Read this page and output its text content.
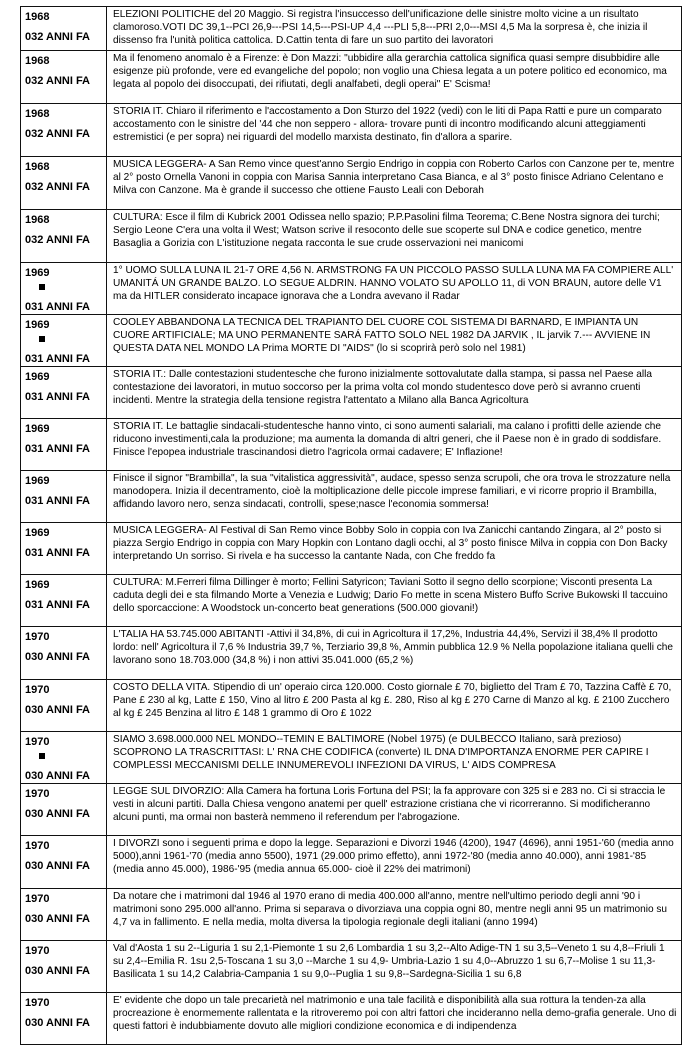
1968
032 ANNI FA	ELEZIONI POLITICHE del 20 Maggio. Si registra l'insuccesso dell'unificazione delle sinistre molto vicine a un risultato clamoroso.VOTI DC 39,1--PCI 26,9---PSI 14,5---PSI-UP 4,4 ---PLI 5,8---PRI 2,0---MSI 4,5 Ma la sorpresa è, che inizia il dissenso fra l'unità politica cattolica. D.Cattin tenta di fare un suo partito dei lavoratori

1968
032 ANNI FA	Ma il fenomeno anomalo è a Firenze: è Don Mazzi: "ubbidire alla gerarchia cattolica significa quasi sempre disubbidire alle esigenze più profonde, vere ed evangeliche del popolo; non voglio una Chiesa legata a un potere politico ed economico, ma legata al popolo dei disoccupati, dei rifiutati, degli analfabeti, degli operai" E' Scisma!

1968
032 ANNI FA	STORIA IT. Chiaro il riferimento e l'accostamento a Don Sturzo del 1922 (vedi) con le liti di Papa Ratti e pure un comparato accostamento con le sinistre del '44 che non seppero - allora- trovare punti di incontro modificando alcuni atteggiamenti estremistici (e per sopra) nei riguardi del modello marxista destinato, fin d'allora a sparire.

1968
032 ANNI FA	MUSICA LEGGERA- A San Remo vince quest'anno Sergio Endrigo in coppia con Roberto Carlos con Canzone per te, mentre al 2° posto Ornella Vanoni in coppia con Marisa Sannia interpretano Casa Bianca, e al 3° posto finisce Adriano Celentano e Milva con Canzone. Ma è grande il successo che ottiene Fausto Leali con Deborah

1968
032 ANNI FA	CULTURA: Esce il film di Kubrick 2001 Odissea nello spazio; P.P.Pasolini filma Teorema; C.Bene Nostra signora dei turchi; Sergio Leone C'era una volta il West; Watson scrive il resoconto delle sue scoperte sul DNA e codice genetico, mentre Basaglia a Gorizia con L'istituzione negata racconta le sue crude osservazioni nei manicomi

1969
031 ANNI FA	1° UOMO SULLA LUNA IL 21-7 ORE 4,56 N. ARMSTRONG FA UN PICCOLO PASSO SULLA LUNA MA FA COMPIERE ALL' UMANITÁ UN GRANDE BALZO. LO SEGUE ALDRIN. HANNO VOLATO SU APOLLO 11, di VON BRAUN, autore delle V1 ma da HITLER considerato incapace ignorava che a Londra avevano il Radar

1969
031 ANNI FA	COOLEY ABBANDONA LA TECNICA DEL TRAPIANTO DEL CUORE COL SISTEMA DI BARNARD, E IMPIANTA UN CUORE ARTIFICIALE; MA UNO PERMANENTE SARÁ FATTO SOLO NEL 1982 DA JARVIK , IL jarvik 7.--- AVVIENE IN QUESTA DATA NEL MONDO LA Prima MORTE DI "AIDS" (lo si scoprirà però solo nel 1981)

1969
031 ANNI FA	STORIA IT.: Dalle contestazioni studentesche che furono inizialmente sottovalutate dalla stampa, si passa nel Paese alla contestazione dei lavoratori, in mutuo soccorso per la prima volta col mondo studentesco dove però si avranno cruenti incidenti. Mentre la strategia della tensione registra l'attentato a Milano alla Banca Agricoltura

1969
031 ANNI FA	STORIA IT. Le battaglie sindacali-studentesche hanno vinto, ci sono aumenti salariali, ma calano i profitti delle aziende che riducono investimenti,cala la produzione; ma aumenta la domanda di altri generi, che il Paese non è in grado di soddisfare. Finisce l'epopea industriale trascinandosi dietro l'agricola ormai cadavere; E' Inflazione!

1969
031 ANNI FA	Finisce il signor "Brambilla", la sua "vitalistica aggressività", audace, spesso senza scrupoli, che ora trova le strozzature nella manodopera. Inizia il decentramento, cioè la moltiplicazione delle piccole imprese familiari, e vi ricorre proprio il Brambilla, affidando lavoro nero, senza sindacati, controlli, spese;nasce l'economia sommersa!

1969
031 ANNI FA	MUSICA LEGGERA- Al Festival di San Remo vince Bobby Solo in coppia con Iva Zanicchi cantando Zingara, al 2° posto si piazza Sergio Endrigo in coppia con Mary Hopkin con Lontano dagli occhi, al 3° posto finisce Milva in coppia con Don Backy interpretando Un sorriso. Si rivela e ha successo la cantante Nada, con Che freddo fa

1969
031 ANNI FA	CULTURA: M.Ferreri filma Dillinger è morto; Fellini Satyricon; Taviani Sotto il segno dello scorpione; Visconti presenta La caduta degli dei e sta filmando Morte a Venezia e Ludwig; Dario Fo mette in scena Mistero Buffo Scrive Bukowski Il taccuino dello sporcaccione: A Woodstock un-concerto beat generations (500.000 giovani!)

1970
030 ANNI FA	L'TALIA HA 53.745.000 ABITANTI -Attivi il 34,8%, di cui in Agricoltura il 17,2%, Industria 44,4%, Servizi il 38,4% Il prodotto lordo: nell' Agricoltura il 7,6 % Industria 39,7 %, Terziario 39,8 %, Ammin pubblica 12.9 % Nella popolazione italiana quelli che lavorano sono 18.703.000 (34,8 %) i non attivi 35.041.000 (65,2 %)

1970
030 ANNI FA	COSTO DELLA VITA. Stipendio di un' operaio circa 120.000. Costo giornale £ 70, biglietto del Tram £ 70, Tazzina Caffè £ 70, Pane £ 230 al kg, Latte £ 150, Vino al litro £ 200 Pasta al kg £. 280, Riso al kg £ 270 Carne di Manzo al kg. £ 2100 Zucchero al kg £ 245 Benzina al litro £ 148 1 grammo di Oro £ 1022

1970
030 ANNI FA	SIAMO 3.698.000.000 NEL MONDO--TEMIN E BALTIMORE (Nobel 1975) (e DULBECCO Italiano, sarà prezioso) SCOPRONO LA TRASCRITTASI: L' RNA CHE CODIFICA (converte) IL DNA D'IMPORTANZA ENORME PER CAPIRE I COMPLESSI MECCANISMI DELLE INNUMEREVOLI INFEZIONI DA VIRUS, L' AIDS COMPRESA

1970
030 ANNI FA	LEGGE SUL DIVORZIO: Alla Camera ha fortuna Loris Fortuna del PSI; la fa approvare con 325 si e 283 no. Ci si straccia le vesti in alcuni partiti. Dalla Chiesa vengono anatemi per quell' estrazione cristiana che vi ricorreranno. Si modificheranno alcuni punti, ma ormai non basterà nemmeno il referendum per l'abrogazione.

1970
030 ANNI FA	I DIVORZI sono i seguenti prima e dopo la legge. Separazioni e Divorzi 1946 (4200), 1947 (4696), anni 1951-'60 (media anno 5000),anni 1961-'70 (media anno 5500), 1971 (29.000 primo effetto), anni 1972-'80 (media anno 40.000), anni 1981-'85 (media anno 45.000), 1986-'95 (media annua 65.000- cioè il 22% dei matrimoni)

1970
030 ANNI FA	Da notare che i matrimoni dal 1946 al 1970 erano di media 400.000 all'anno, mentre nell'ultimo periodo degli anni '90 i matrimoni sono 295.000 all'anno. Prima si separava o divorziava una coppia ogni 80, mentre negli anni 95 un matrimonio su 4,7 va in fallimento. E nella media, molta diversa la tipologia regionale degli italiani (anno 1994)

1970
030 ANNI FA	Val d'Aosta 1 su 2--Liguria 1 su 2,1-Piemonte 1 su 2,6 Lombardia 1 su 3,2--Alto Adige-TN 1 su 3,5--Veneto 1 su 4,8--Friuli 1 su 2,4--Emilia R. 1su 2,5-Toscana 1 su 3,0 --Marche 1 su 4,9- Umbria-Lazio 1 su 4,0--Abruzzo 1 su 6,7--Molise 1 su 11,3-Basilicata 1 su 14,2 Calabria-Campania 1 su 9,0--Puglia 1 su 9,8--Sardegna-Sicilia 1 su 6,8

1970
030 ANNI FA	E' evidente che dopo un tale precarietà nel matrimonio e una tale facilità e disponibilità alla sua rottura la tenden-za alla procreazione è enormemente rallentata e la ritroveremo poi con altri fattori che incideranno nella demo-grafia generale. Uno di questi fattori è indubbiamente dovuto alle migliori condizione economica e di indipendenza
